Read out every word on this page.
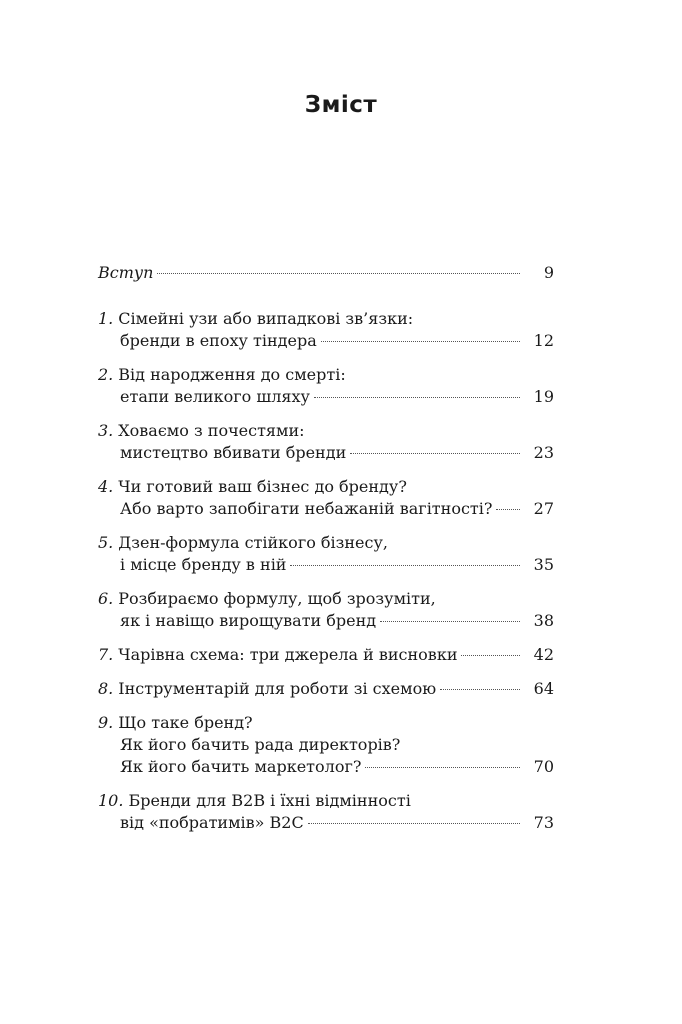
Зміст
Вступ	9
1. Сімейні узи або випадкові зв’язки:
бренди в епоху тіндера	12
2. Від народження до смерті:
етапи великого шляху	19
3. Ховаємо з почестями:
мистецтво вбивати бренди	23
4. Чи готовий ваш бізнес до бренду?
Або варто запобігати небажаній вагітності?	27
5. Дзен-формула стійкого бізнесу,
і місце бренду в ній	35
6. Розбираємо формулу, щоб зрозуміти,
як і навіщо вирощувати бренд	38
7. Чарівна схема: три джерела й висновки	42
8. Інструментарій для роботи зі схемою	64
9. Що таке бренд?
Як його бачить рада директорів?
Як його бачить маркетолог?	70
10. Бренди для B2B і їхні відмінності
від «побратимів» B2C	73
